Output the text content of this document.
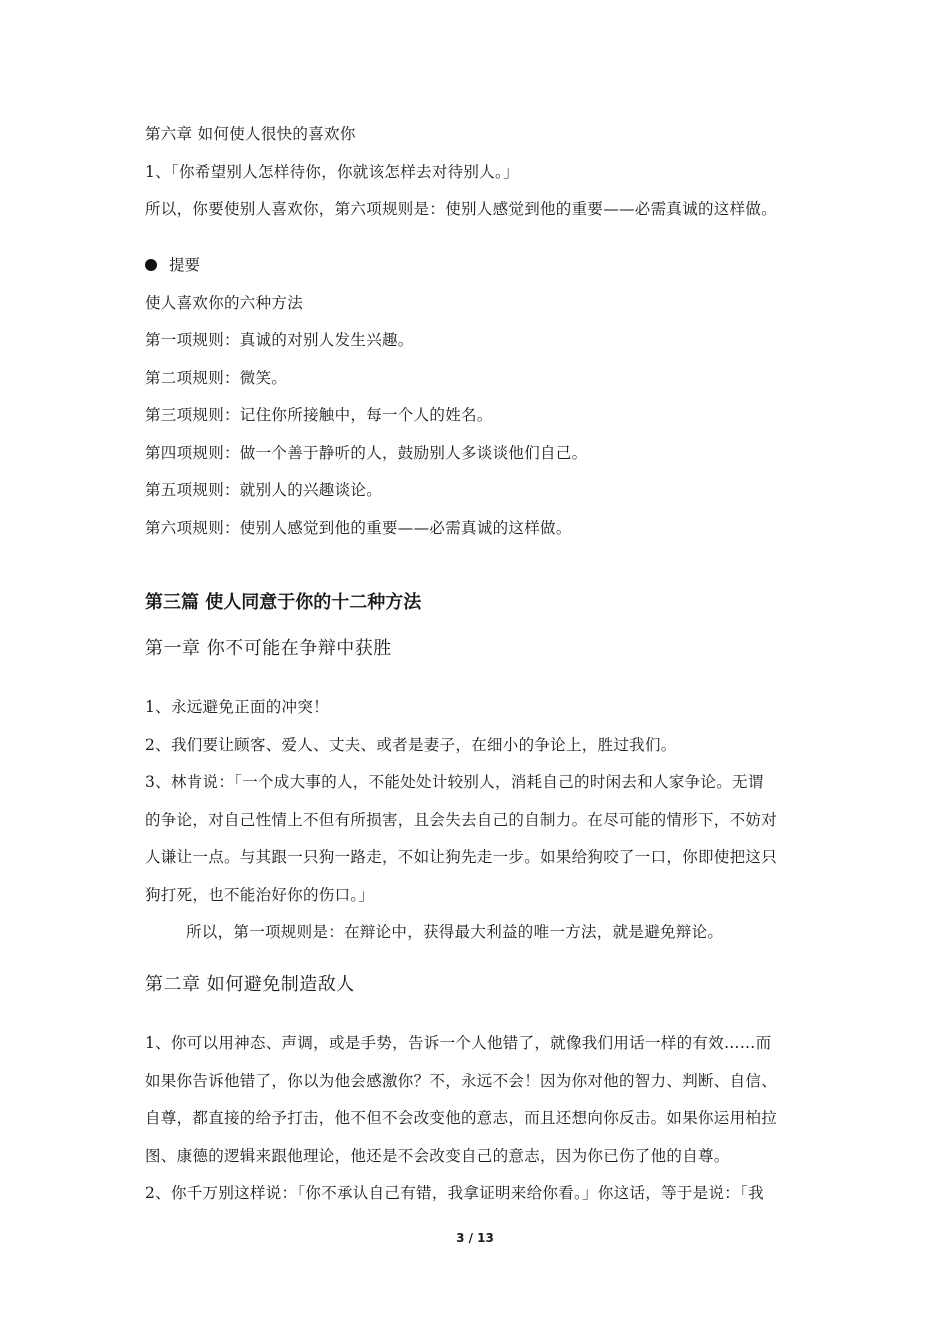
第六章 如何使人很快的喜欢你
1、「你希望别人怎样待你，你就该怎样去对待别人。」
所以，你要使别人喜欢你，第六项规则是：使别人感觉到他的重要——必需真诚的这样做。
提要
使人喜欢你的六种方法
第一项规则：真诚的对别人发生兴趣。
第二项规则：微笑。
第三项规则：记住你所接触中，每一个人的姓名。
第四项规则：做一个善于静听的人，鼓励别人多谈谈他们自己。
第五项规则：就别人的兴趣谈论。
第六项规则：使别人感觉到他的重要——必需真诚的这样做。
第三篇 使人同意于你的十二种方法
第一章 你不可能在争辩中获胜
1、永远避免正面的冲突！
2、我们要让顾客、爱人、丈夫、或者是妻子，在细小的争论上，胜过我们。
3、林肯说：「一个成大事的人，不能处处计较别人，消耗自己的时闲去和人家争论。无谓
的争论，对自己性情上不但有所损害，且会失去自己的自制力。在尽可能的情形下，不妨对
人谦让一点。与其跟一只狗一路走，不如让狗先走一步。如果给狗咬了一口，你即使把这只
狗打死，也不能治好你的伤口。」
所以，第一项规则是：在辩论中，获得最大利益的唯一方法，就是避免辩论。
第二章 如何避免制造敌人
1、你可以用神态、声调，或是手势，告诉一个人他错了，就像我们用话一样的有效……而
如果你告诉他错了，你以为他会感激你？不，永远不会！因为你对他的智力、判断、自信、
自尊，都直接的给予打击，他不但不会改变他的意志，而且还想向你反击。如果你运用柏拉
图、康德的逻辑来跟他理论，他还是不会改变自己的意志，因为你已伤了他的自尊。
2、你千万别这样说：「你不承认自己有错，我拿证明来给你看。」你这话，等于是说：「我
3 / 13
